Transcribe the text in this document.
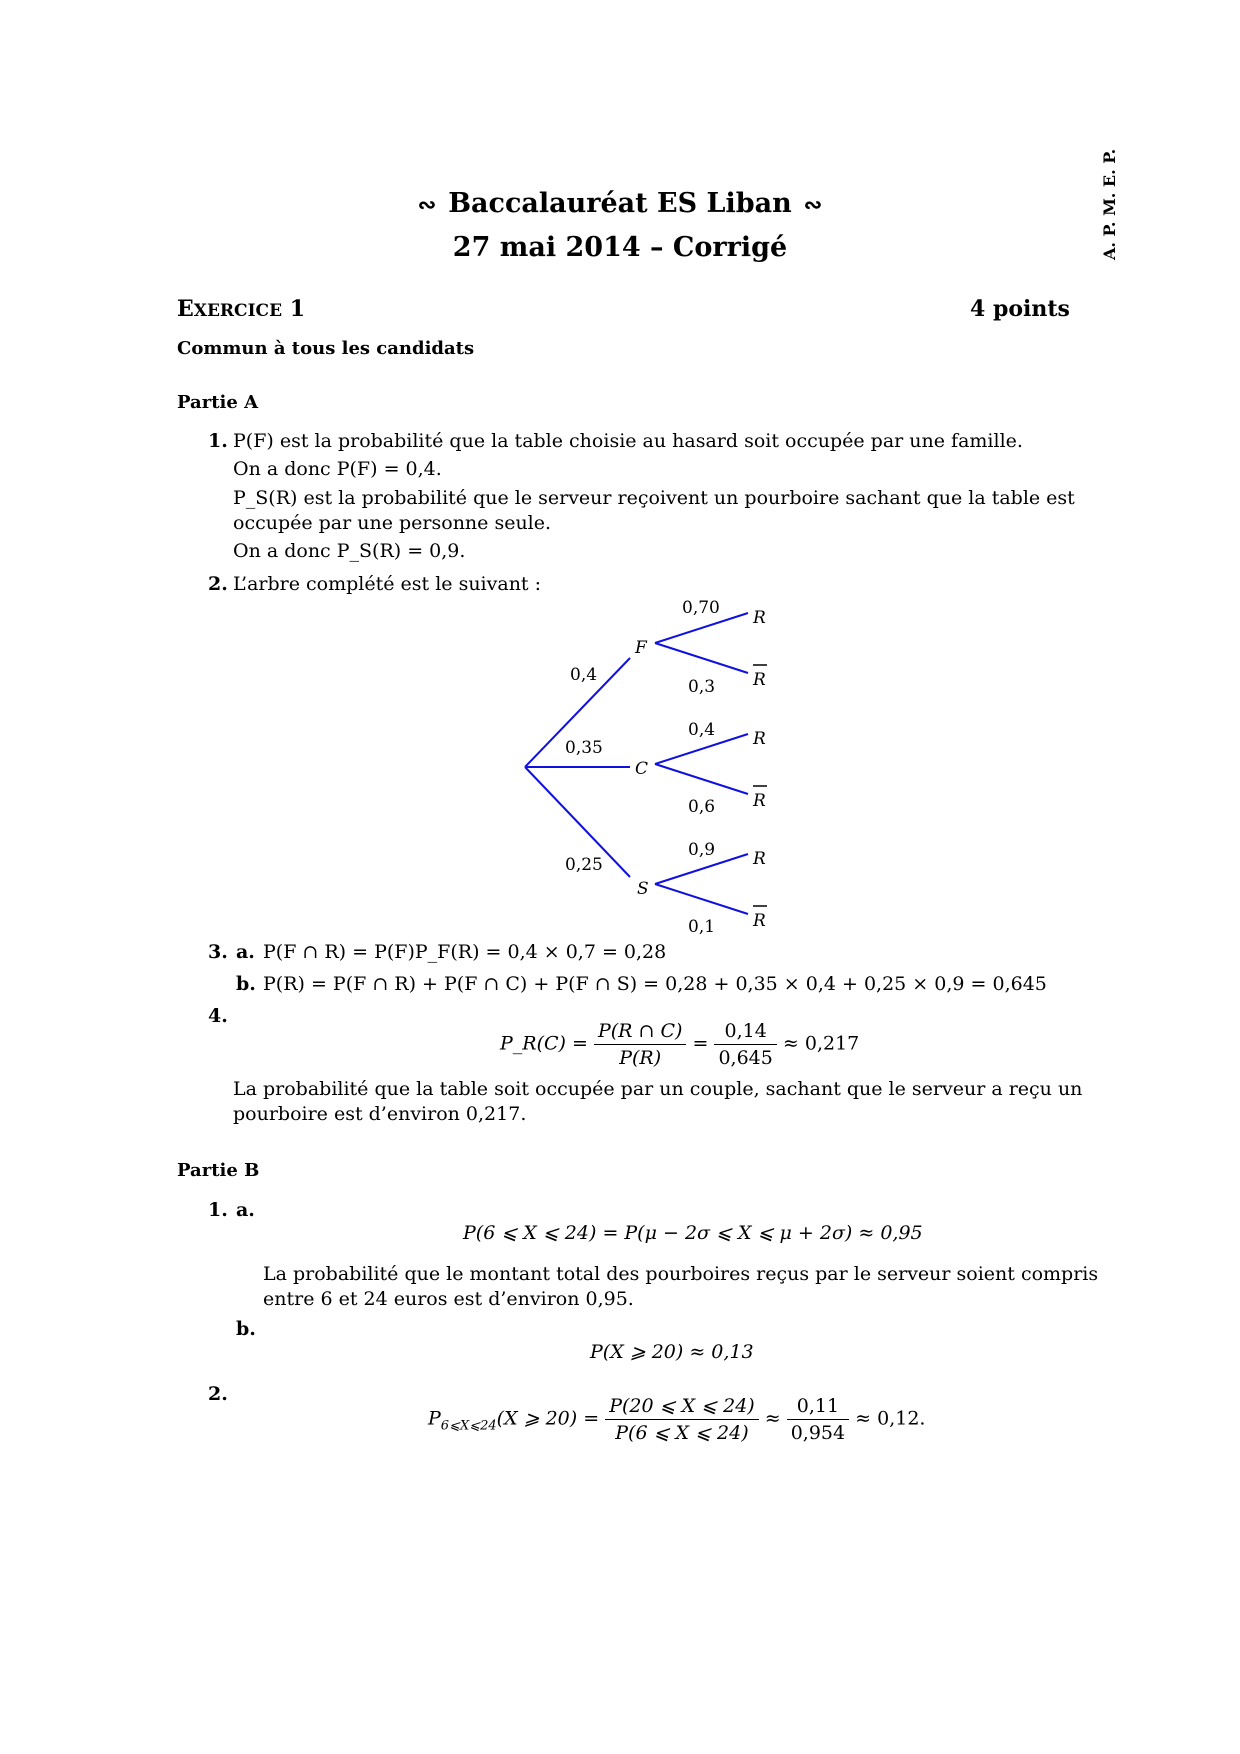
∾ Baccalauréat ES Liban ∾
27 mai 2014 – Corrigé	A. P. M. E. P.
EXERCICE 1	4 points
Commun à tous les candidats
Partie A
1. P(F) est la probabilité que la table choisie au hasard soit occupée par une famille.
On a donc P(F) = 0,4.
P_S(R) est la probabilité que le serveur reçoivent un pourboire sachant que la table est occupée par une personne seule.
On a donc P_S(R) = 0,9.
2. L’arbre complété est le suivant :
F
C
S
0,4
0,35
0,25
0,70
0,3
0,4
0,6
0,9
0,1
R
R
R
R
R
R
3. a. P(F ∩ R) = P(F)P_F(R) = 0,4 × 0,7 = 0,28
b. P(R) = P(F ∩ R) + P(F ∩ C) + P(F ∩ S) = 0,28 + 0,35 × 0,4 + 0,25 × 0,9 = 0,645
4.
P_R(C) = $\frac{P(R \cap C)}{P(R)} = \frac{0,14}{0,645} \approx 0,217$
La probabilité que la table soit occupée par un couple, sachant que le serveur a reçu un pourboire est d’environ 0,217.
Partie B
1. a.
P(6 ⩽ X ⩽ 24) = P(μ − 2σ ⩽ X ⩽ μ + 2σ) ≈ 0,95
La probabilité que le montant total des pourboires reçus par le serveur soient compris entre 6 et 24 euros est d’environ 0,95.
b.
P(X ⩾ 20) ≈ 0,13
2.
$P_{6⩽X⩽24}(X$ ⩾ $20) = \frac{P(20 ⩽ X ⩽ 24)}{P(6 ⩽ X ⩽ 24)} \approx \frac{0,11}{0,954} \approx 0,12$.
